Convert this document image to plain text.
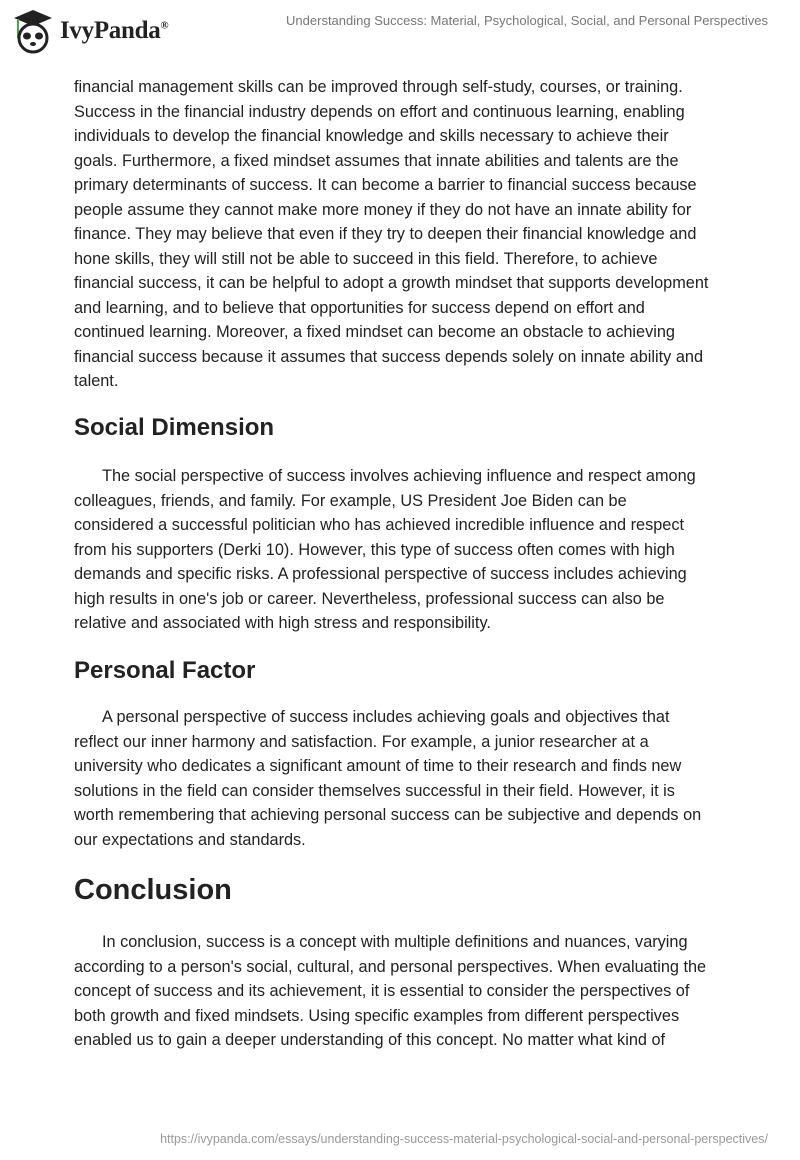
IvyPanda®	Understanding Success: Material, Psychological, Social, and Personal Perspectives
financial management skills can be improved through self-study, courses, or training.
Success in the financial industry depends on effort and continuous learning, enabling
individuals to develop the financial knowledge and skills necessary to achieve their
goals. Furthermore, a fixed mindset assumes that innate abilities and talents are the
primary determinants of success. It can become a barrier to financial success because
people assume they cannot make more money if they do not have an innate ability for
finance. They may believe that even if they try to deepen their financial knowledge and
hone skills, they will still not be able to succeed in this field. Therefore, to achieve
financial success, it can be helpful to adopt a growth mindset that supports development
and learning, and to believe that opportunities for success depend on effort and
continued learning. Moreover, a fixed mindset can become an obstacle to achieving
financial success because it assumes that success depends solely on innate ability and
talent.
Social Dimension
The social perspective of success involves achieving influence and respect among
colleagues, friends, and family. For example, US President Joe Biden can be
considered a successful politician who has achieved incredible influence and respect
from his supporters (Derki 10). However, this type of success often comes with high
demands and specific risks. A professional perspective of success includes achieving
high results in one's job or career. Nevertheless, professional success can also be
relative and associated with high stress and responsibility.
Personal Factor
A personal perspective of success includes achieving goals and objectives that
reflect our inner harmony and satisfaction. For example, a junior researcher at a
university who dedicates a significant amount of time to their research and finds new
solutions in the field can consider themselves successful in their field. However, it is
worth remembering that achieving personal success can be subjective and depends on
our expectations and standards.
Conclusion
In conclusion, success is a concept with multiple definitions and nuances, varying
according to a person's social, cultural, and personal perspectives. When evaluating the
concept of success and its achievement, it is essential to consider the perspectives of
both growth and fixed mindsets. Using specific examples from different perspectives
enabled us to gain a deeper understanding of this concept. No matter what kind of
https://ivypanda.com/essays/understanding-success-material-psychological-social-and-personal-perspectives/
